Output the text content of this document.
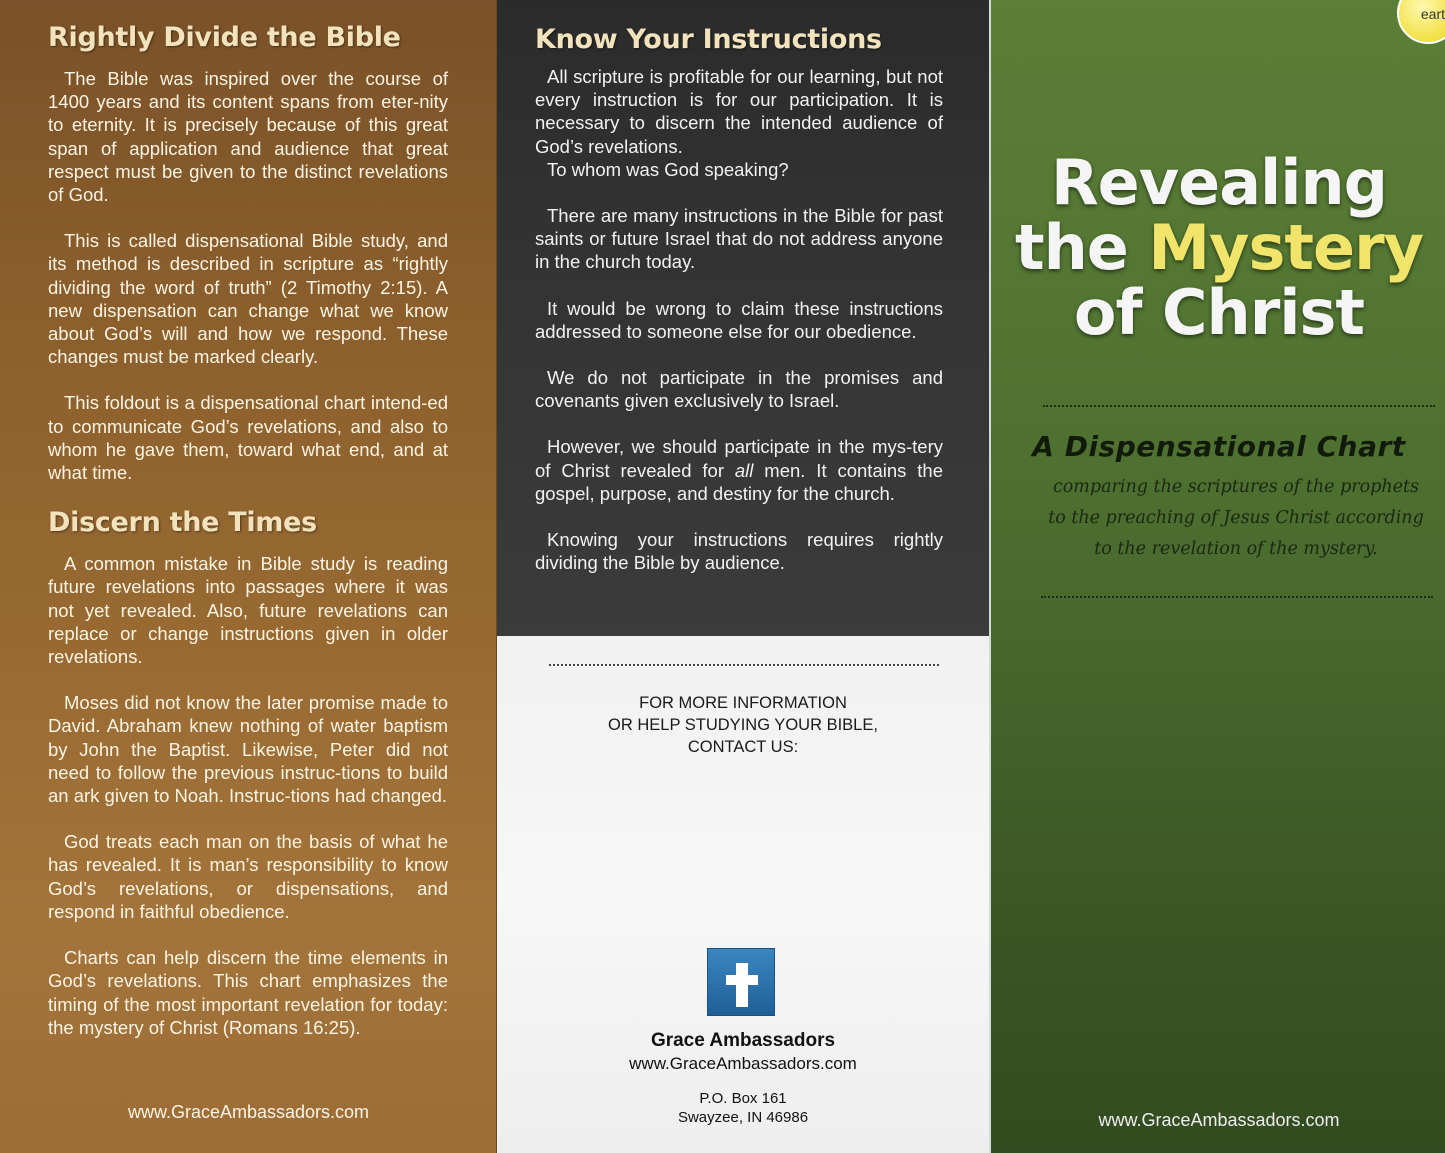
Rightly Divide the Bible

The Bible was inspired over the course of 1400 years and its content spans from eter-nity to eternity. It is precisely because of this great span of application and audience that great respect must be given to the distinct revelations of God.

This is called dispensational Bible study, and its method is described in scripture as “rightly dividing the word of truth” (2 Timothy 2:15). A new dispensation can change what we know about God’s will and how we respond. These changes must be marked clearly.

This foldout is a dispensational chart intend-ed to communicate God’s revelations, and also to whom he gave them, toward what end, and at what time.

Discern the Times

A common mistake in Bible study is reading future revelations into passages where it was not yet revealed. Also, future revelations can replace or change instructions given in older revelations.

Moses did not know the later promise made to David. Abraham knew nothing of water baptism by John the Baptist. Likewise, Peter did not need to follow the previous instruc-tions to build an ark given to Noah. Instruc-tions had changed.

God treats each man on the basis of what he has revealed. It is man’s responsibility to know God’s revelations, or dispensations, and respond in faithful obedience.

Charts can help discern the time elements in God’s revelations. This chart emphasizes the timing of the most important revelation for today: the mystery of Christ (Romans 16:25).

www.GraceAmbassadors.com
Know Your Instructions

All scripture is profitable for our learning, but not every instruction is for our participation. It is necessary to discern the intended audience of God’s revelations.
To whom was God speaking?

There are many instructions in the Bible for past saints or future Israel that do not address anyone in the church today.

It would be wrong to claim these instructions addressed to someone else for our obedience.

We do not participate in the promises and covenants given exclusively to Israel.

However, we should participate in the mys-tery of Christ revealed for all men. It contains the gospel, purpose, and destiny for the church.

Knowing your instructions requires rightly dividing the Bible by audience.

FOR MORE INFORMATION
OR HELP STUDYING YOUR BIBLE,
CONTACT US:
Grace Ambassadors
www.GraceAmbassadors.com
P.O. Box 161
Swayzee, IN 46986
eart
Revealing
the Mystery
of Christ
A Dispensational Chart
comparing the scriptures of the prophets
to the preaching of Jesus Christ according
to the revelation of the mystery.
www.GraceAmbassadors.com
